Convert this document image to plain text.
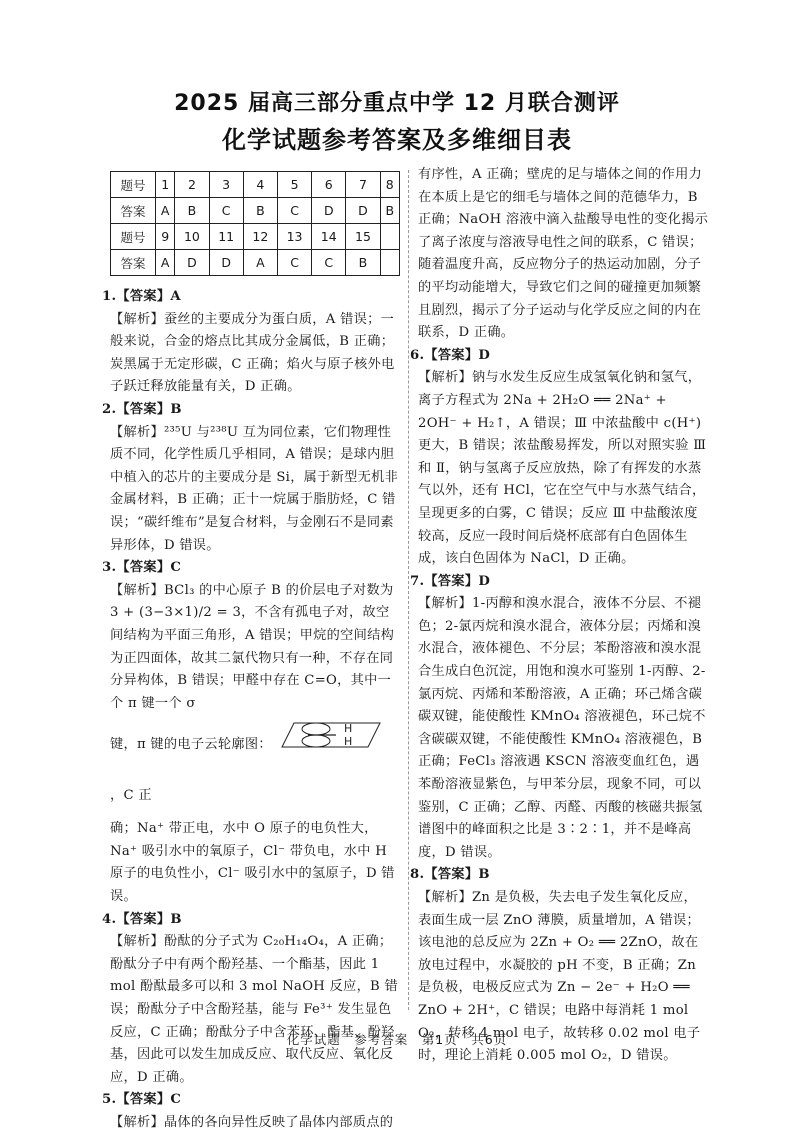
2025 届高三部分重点中学 12 月联合测评
化学试题参考答案及多维细目表
题号	1	2	3	4	5	6	7	8
答案	A	B	C	B	C	D	D	B
题号	9	10	11	12	13	14	15	
答案	A	D	D	A	C	C	B	

1.【答案】A

【解析】蚕丝的主要成分为蛋白质，A 错误；一般来说，合金的熔点比其成分金属低，B 正确；炭黑属于无定形碳，C 正确；焰火与原子核外电子跃迁释放能量有关，D 正确。

2.【答案】B

【解析】²³⁵U 与²³⁸U 互为同位素，它们物理性质不同，化学性质几乎相同，A 错误；是球内胆中植入的芯片的主要成分是 Si，属于新型无机非金属材料，B 正确；正十一烷属于脂肪烃，C 错误；“碳纤维布”是复合材料，与金刚石不是同素异形体，D 错误。

3.【答案】C

【解析】BCl₃ 的中心原子 B 的价层电子对数为 3 + (3−3×1)/2 = 3，不含有孤电子对，故空间结构为平面三角形，A 错误；甲烷的空间结构为正四面体，故其二氯代物只有一种，不存在同分异构体，B 错误；甲醛中存在 C=O，其中一个 π 键一个 σ

键，π 键的电子云轮廓图：
H
H
，C 正

确；Na⁺ 带正电，水中 O 原子的电负性大，Na⁺ 吸引水中的氧原子，Cl⁻ 带负电，水中 H 原子的电负性小，Cl⁻ 吸引水中的氢原子，D 错误。

4.【答案】B

【解析】酚酞的分子式为 C₂₀H₁₄O₄，A 正确；酚酞分子中有两个酚羟基、一个酯基，因此 1 mol 酚酞最多可以和 3 mol NaOH 反应，B 错误；酚酞分子中含酚羟基，能与 Fe³⁺ 发生显色反应，C 正确；酚酞分子中含苯环、酯基、酚羟基，因此可以发生加成反应、取代反应、氧化反应，D 正确。

5.【答案】C

【解析】晶体的各向异性反映了晶体内部质点的

有序性，A 正确；壁虎的足与墙体之间的作用力在本质上是它的细毛与墙体之间的范德华力，B 正确；NaOH 溶液中滴入盐酸导电性的变化揭示了离子浓度与溶液导电性之间的联系，C 错误；随着温度升高，反应物分子的热运动加剧，分子的平均动能增大，导致它们之间的碰撞更加频繁且剧烈，揭示了分子运动与化学反应之间的内在联系，D 正确。

6.【答案】D

【解析】钠与水发生反应生成氢氧化钠和氢气，离子方程式为 2Na + 2H₂O ══ 2Na⁺ + 2OH⁻ + H₂↑，A 错误；Ⅲ 中浓盐酸中 c(H⁺) 更大，B 错误；浓盐酸易挥发，所以对照实验 Ⅲ 和 Ⅱ，钠与氢离子反应放热，除了有挥发的水蒸气以外，还有 HCl，它在空气中与水蒸气结合，呈现更多的白雾，C 错误；反应 Ⅲ 中盐酸浓度较高，反应一段时间后烧杯底部有白色固体生成，该白色固体为 NaCl，D 正确。

7.【答案】D

【解析】1-丙醇和溴水混合，液体不分层、不褪色；2-氯丙烷和溴水混合，液体分层；丙烯和溴水混合，液体褪色、不分层；苯酚溶液和溴水混合生成白色沉淀，用饱和溴水可鉴别 1-丙醇、2-氯丙烷、丙烯和苯酚溶液，A 正确；环己烯含碳碳双键，能使酸性 KMnO₄ 溶液褪色，环己烷不含碳碳双键，不能使酸性 KMnO₄ 溶液褪色，B 正确；FeCl₃ 溶液遇 KSCN 溶液变血红色，遇苯酚溶液显紫色，与甲苯分层，现象不同，可以鉴别，C 正确；乙醇、丙醛、丙酸的核磁共振氢谱图中的峰面积之比是 3∶2∶1，并不是峰高度，D 错误。

8.【答案】B

【解析】Zn 是负极，失去电子发生氧化反应，表面生成一层 ZnO 薄膜，质量增加，A 错误；该电池的总反应为 2Zn + O₂ ══ 2ZnO，故在放电过程中，水凝胶的 pH 不变，B 正确；Zn 是负极，电极反应式为 Zn − 2e⁻ + H₂O ══ ZnO + 2H⁺，C 错误；电路中每消耗 1 mol O₂，转移 4 mol 电子，故转移 0.02 mol 电子时，理论上消耗 0.005 mol O₂，D 错误。

化学试题　参考答案　第1页　共6页
